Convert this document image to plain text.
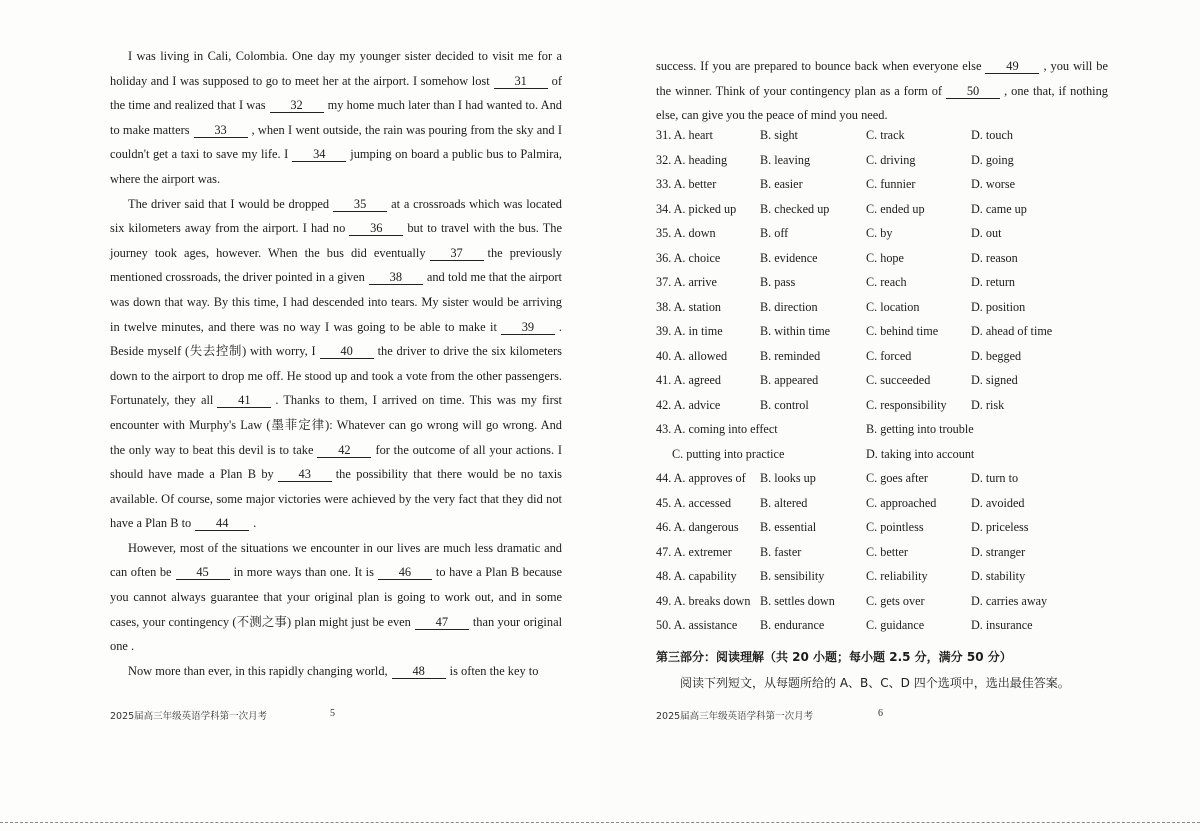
I was living in Cali, Colombia. One day my younger sister decided to visit me for a holiday and I was supposed to go to meet her at the airport. I somehow lost 31 of the time and realized that I was 32 my home much later than I had wanted to. And to make matters 33 , when I went outside, the rain was pouring from the sky and I couldn't get a taxi to save my life. I 34 jumping on board a public bus to Palmira, where the airport was.

The driver said that I would be dropped 35 at a crossroads which was located six kilometers away from the airport. I had no 36 but to travel with the bus. The journey took ages, however. When the bus did eventually 37 the previously mentioned crossroads, the driver pointed in a given 38 and told me that the airport was down that way. By this time, I had descended into tears. My sister would be arriving in twelve minutes, and there was no way I was going to be able to make it 39 . Beside myself (失去控制) with worry, I 40 the driver to drive the six kilometers down to the airport to drop me off. He stood up and took a vote from the other passengers. Fortunately, they all 41 . Thanks to them, I arrived on time. This was my first encounter with Murphy's Law (墨菲定律): Whatever can go wrong will go wrong. And the only way to beat this devil is to take 42 for the outcome of all your actions. I should have made a Plan B by 43 the possibility that there would be no taxis available. Of course, some major victories were achieved by the very fact that they did not have a Plan B to 44 .

However, most of the situations we encounter in our lives are much less dramatic and can often be 45 in more ways than one. It is 46 to have a Plan B because you cannot always guarantee that your original plan is going to work out, and in some cases, your contingency (不测之事) plan might just be even 47 than your original one .

Now more than ever, in this rapidly changing world, 48 is often the key to

2025届高三年级英语学科第一次月考	5

success. If you are prepared to bounce back when everyone else 49 , you will be the winner. Think of your contingency plan as a form of 50 , one that, if nothing else, can give you the peace of mind you need.

31. A. heart	B. sight	C. track	D. touch
32. A. heading	B. leaving	C. driving	D. going
33. A. better	B. easier	C. funnier	D. worse
34. A. picked up B. checked up	C. ended up	D. came up
35. A. down	B. off	C. by	D. out
36. A. choice	B. evidence	C. hope	D. reason
37. A. arrive	B. pass	C. reach	D. return
38. A. station	B. direction	C. location	D. position
39. A. in time	B. within time	C. behind time	D. ahead of time
40. A. allowed	B. reminded	C. forced	D. begged
41. A. agreed	B. appeared	C. succeeded	D. signed
42. A. advice	B. control	C. responsibility D. risk
43. A. coming into effect	B. getting into trouble
C. putting into practice	D. taking into account
44. A. approves of B. looks up	C. goes after	D. turn to
45. A. accessed B. altered	C. approached	D. avoided
46. A. dangerous B. essential	C. pointless	D. priceless
47. A. extremer B. faster	C. better	D. stranger
48. A. capability B. sensibility	C. reliability	D. stability
49. A. breaks down B. settles down	C. gets over	D. carries away
50. A. assistance B. endurance	C. guidance	D. insurance
第三部分：阅读理解（共 20 小题；每小题 2.5 分，满分 50 分）
阅读下列短文，从每题所给的 A、B、C、D 四个选项中，选出最佳答案。
2025届高三年级英语学科第一次月考	6
